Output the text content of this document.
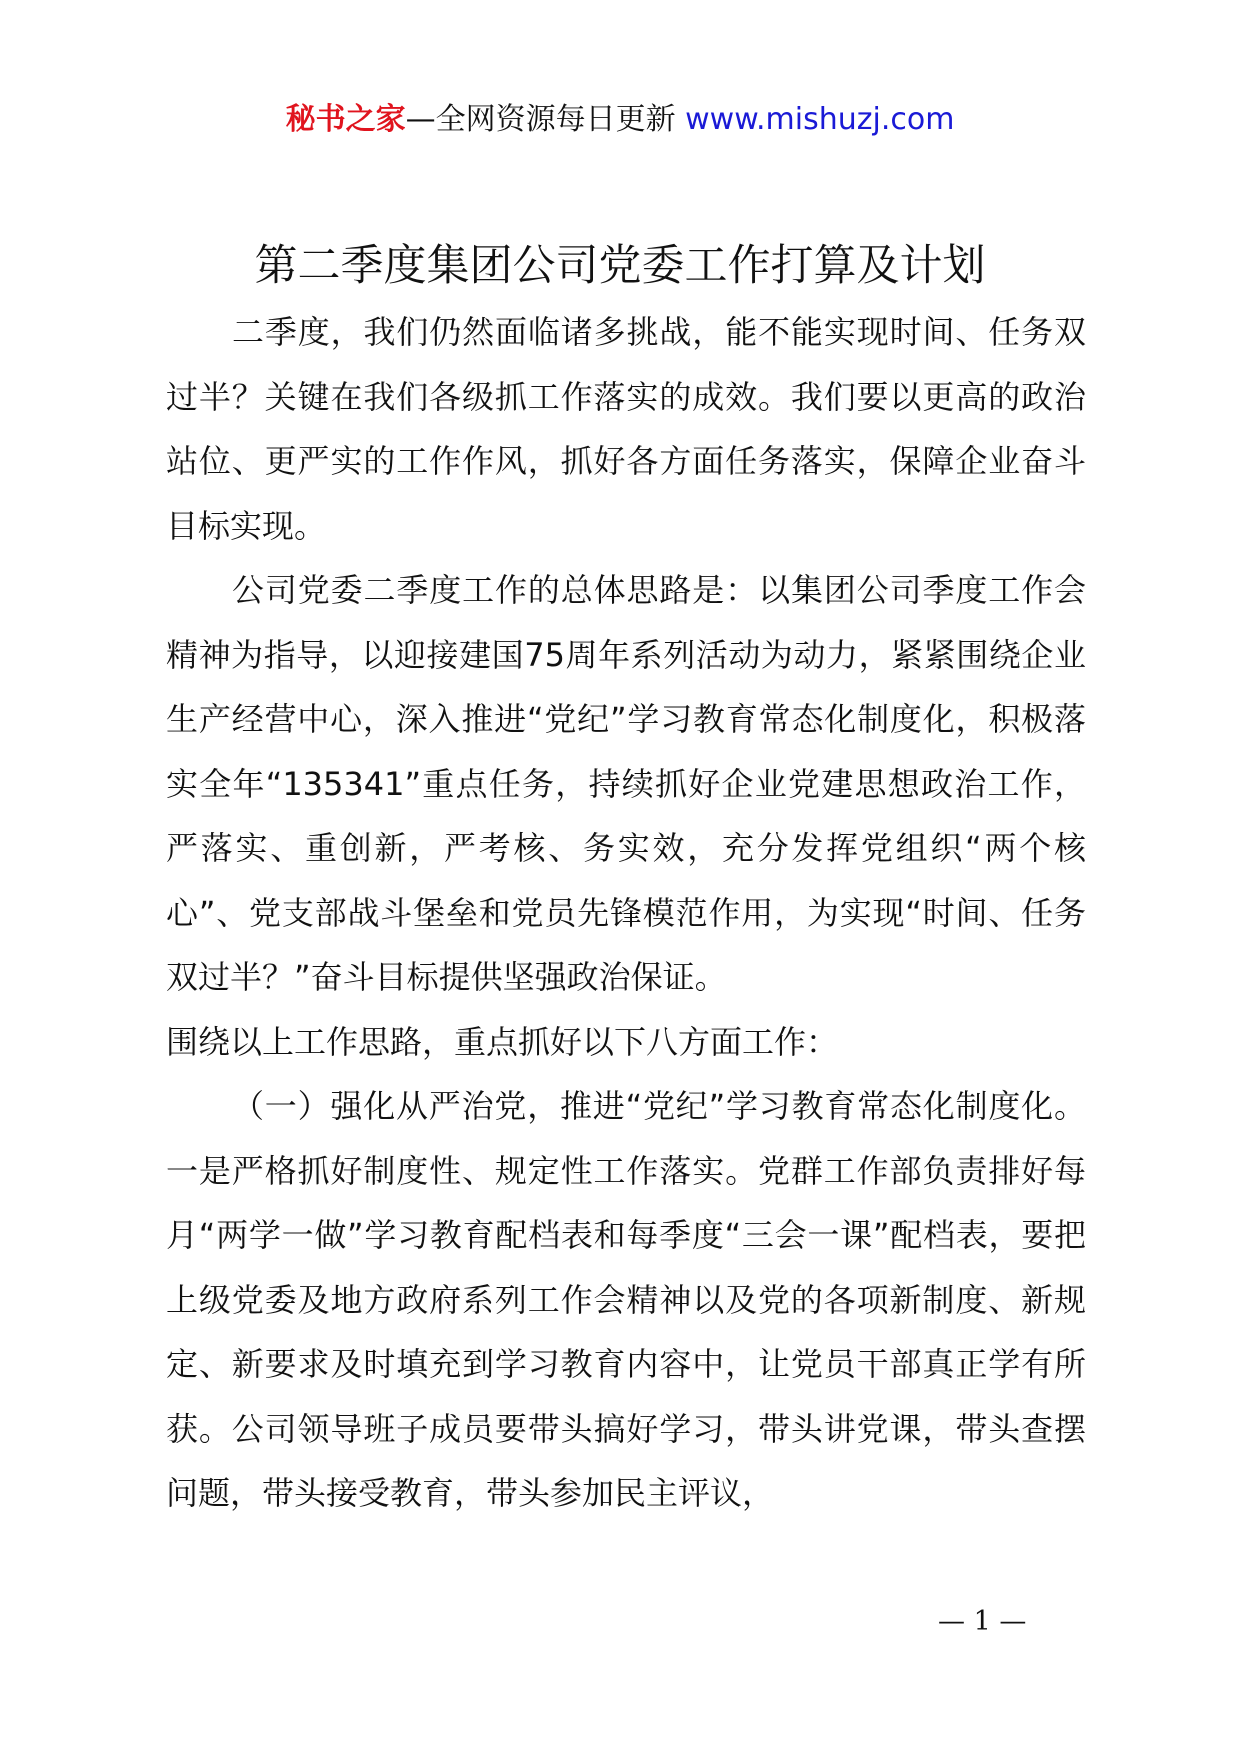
秘书之家—全网资源每日更新 www.mishuzj.com
第二季度集团公司党委工作打算及计划

二季度，我们仍然面临诸多挑战，能不能实现时间、任务双过半？关键在我们各级抓工作落实的成效。我们要以更高的政治站位、更严实的工作作风，抓好各方面任务落实，保障企业奋斗目标实现。

公司党委二季度工作的总体思路是：以集团公司季度工作会精神为指导，以迎接建国75周年系列活动为动力，紧紧围绕企业生产经营中心，深入推进“党纪”学习教育常态化制度化，积极落实全年“135341”重点任务，持续抓好企业党建思想政治工作，严落实、重创新，严考核、务实效，充分发挥党组织“两个核心”、党支部战斗堡垒和党员先锋模范作用，为实现“时间、任务双过半？”奋斗目标提供坚强政治保证。

围绕以上工作思路，重点抓好以下八方面工作：

（一）强化从严治党，推进“党纪”学习教育常态化制度化。一是严格抓好制度性、规定性工作落实。党群工作部负责排好每月“两学一做”学习教育配档表和每季度“三会一课”配档表，要把上级党委及地方政府系列工作会精神以及党的各项新制度、新规定、新要求及时填充到学习教育内容中，让党员干部真正学有所获。公司领导班子成员要带头搞好学习，带头讲党课，带头查摆问题，带头接受教育，带头参加民主评议，

— 1 —
